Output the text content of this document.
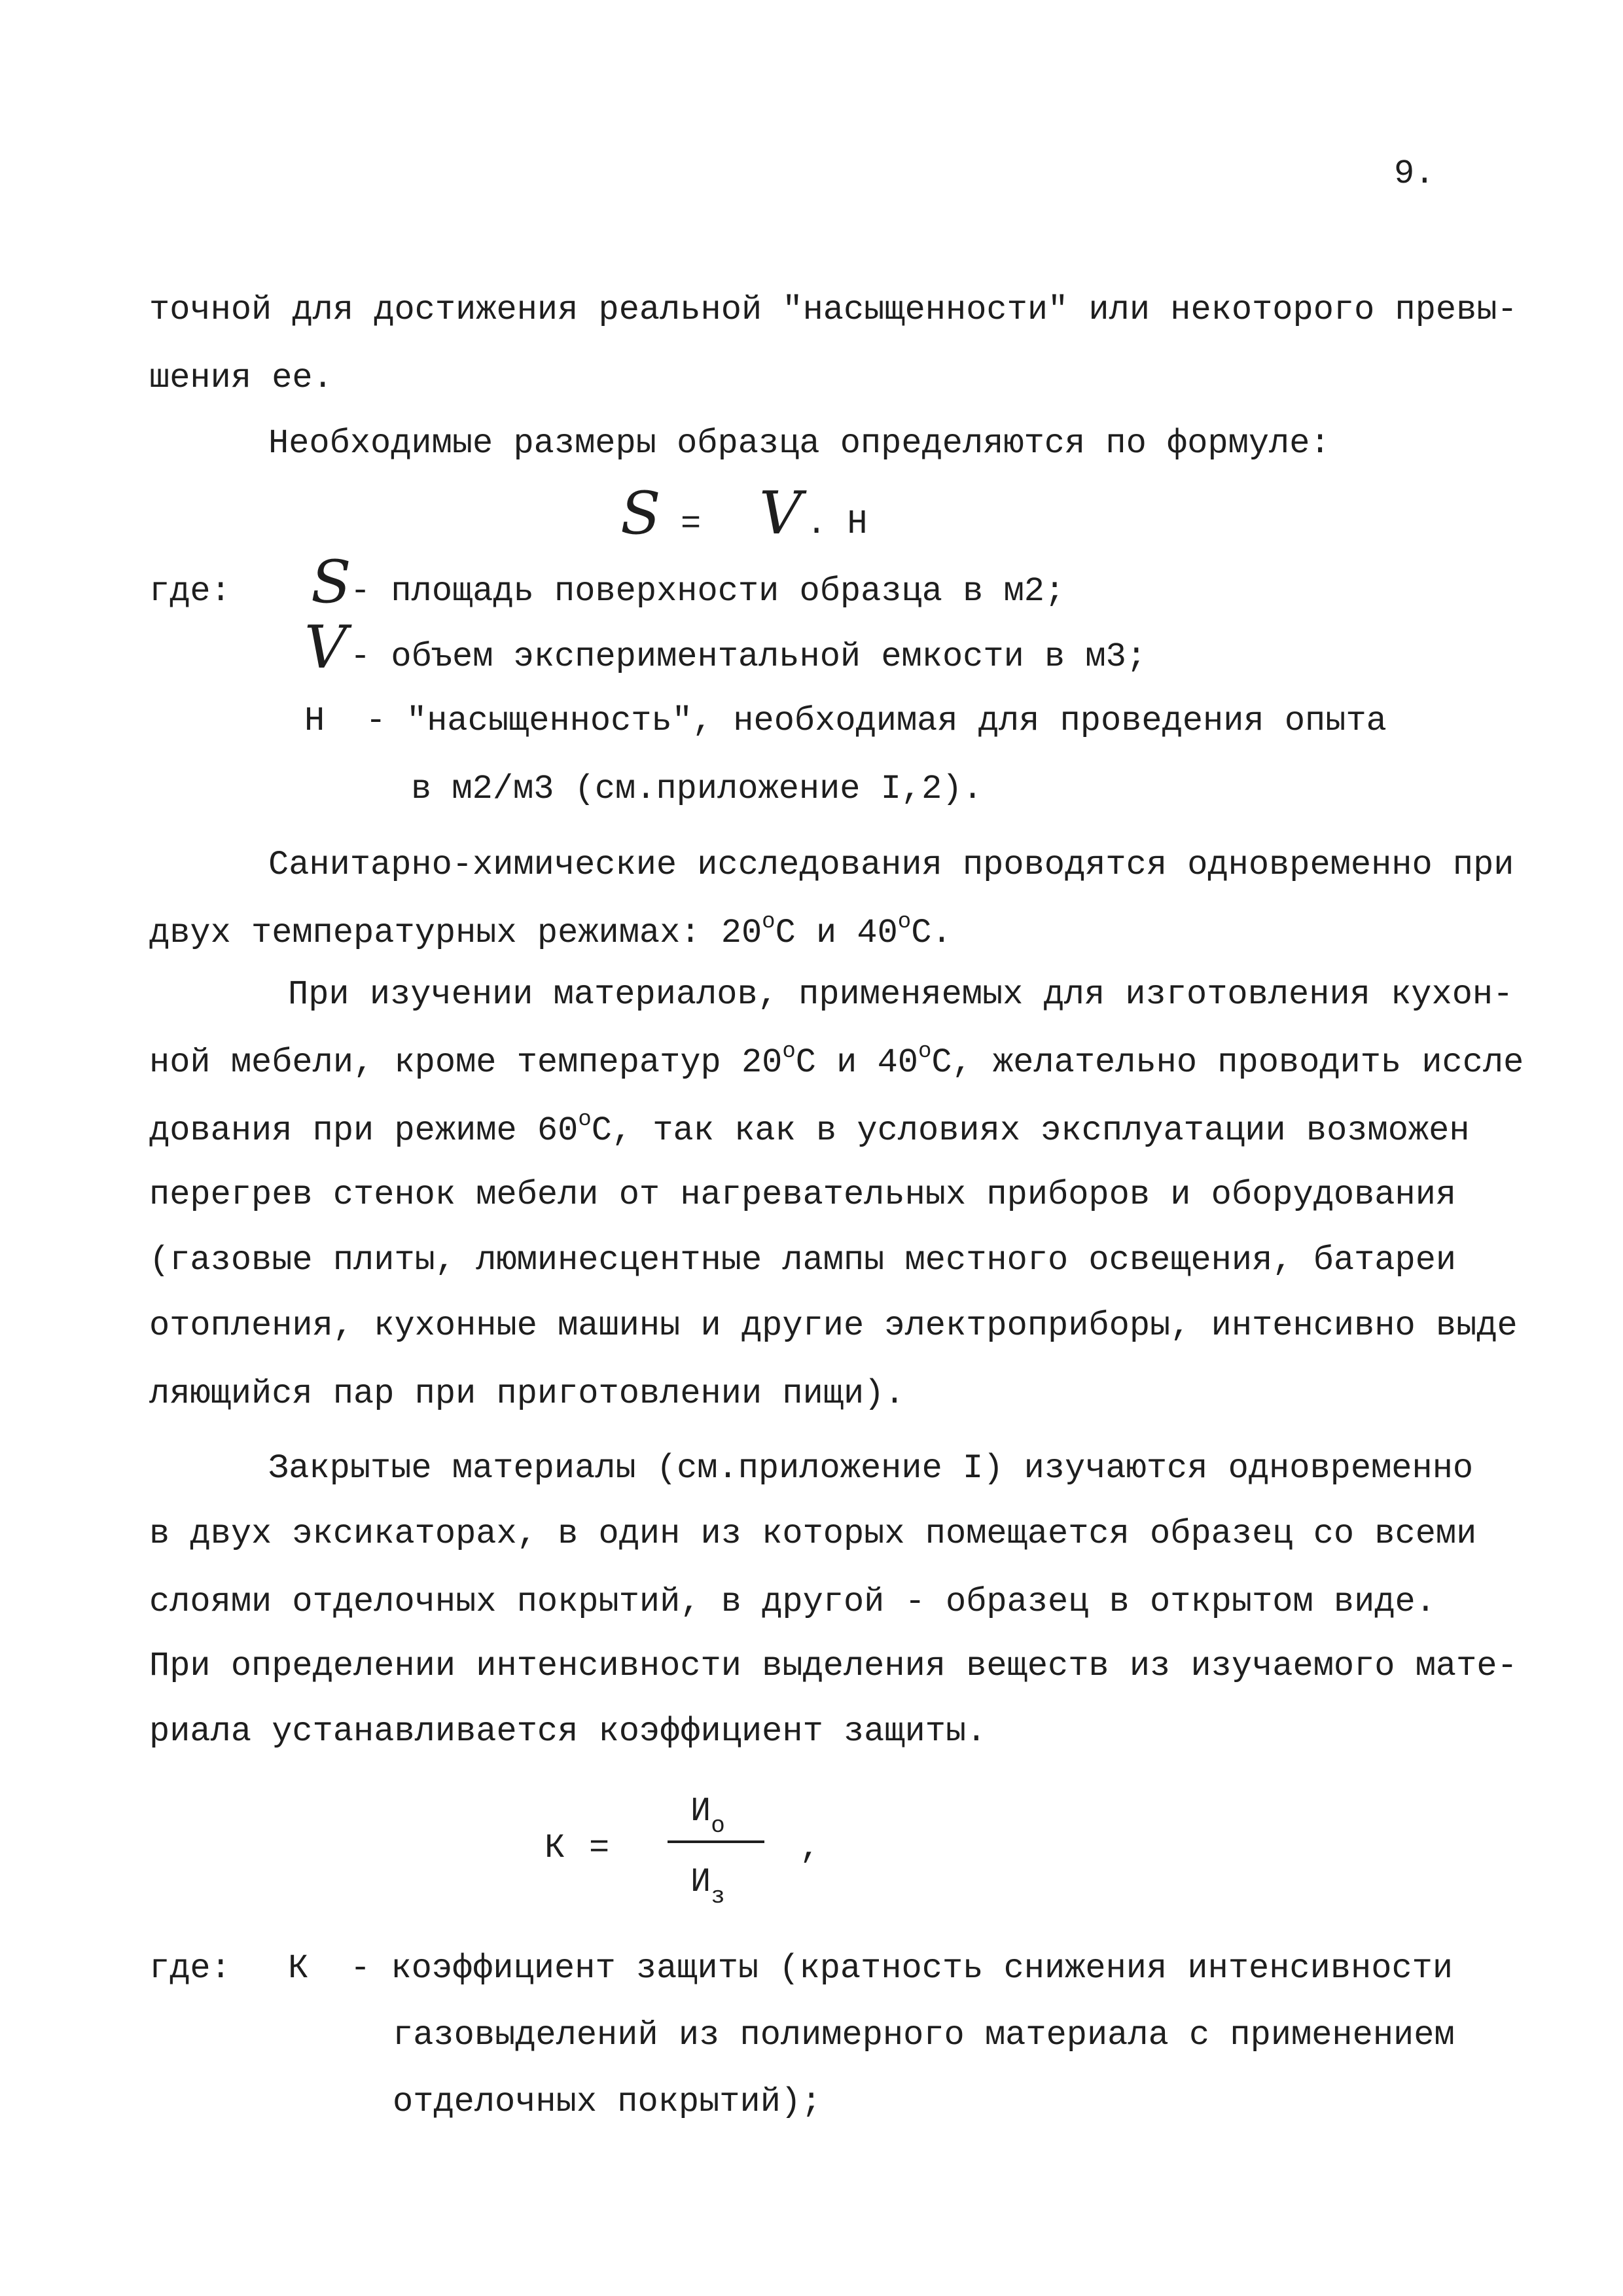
9.
точной для достижения реальной "насыщенности" или некоторого превы-
шения ее.
Необходимые размеры образца определяются по формуле:
S = V . Н
где: S
- площадь поверхности образца в м2;
V - объем экспериментальной емкости в м3;
Н  - "насыщенность", необходимая для проведения опыта
в м2/м3 (см.приложение I,2).
Санитарно-химические исследования проводятся одновременно при
двух температурных режимах: $20^оС$ и $40^оС$.
При изучении материалов, применяемых для изготовления кухон-
ной мебели, кроме температур $20^оС$ и $40^оС$, желательно проводить иссле
дования при режиме $60^оС$, так как в условиях эксплуатации возможен
перегрев стенок мебели от нагревательных приборов и оборудования
(газовые плиты, люминесцентные лампы местного освещения, батареи
отопления, кухонные машины и другие электроприборы, интенсивно выде
ляющийся пар при приготовлении пищи).
Закрытые материалы (см.приложение I) изучаются одновременно
в двух эксикаторах, в один из которых помещается образец со всеми
слоями отделочных покрытий, в другой - образец в открытом виде.
При определении интенсивности выделения веществ из изучаемого мате-
риала устанавливается коэффициент защиты.
К =
$И_о$
$И_з$
,
где: К - коэффициент защиты (кратность снижения интенсивности
газовыделений из полимерного материала с применением
отделочных покрытий);
